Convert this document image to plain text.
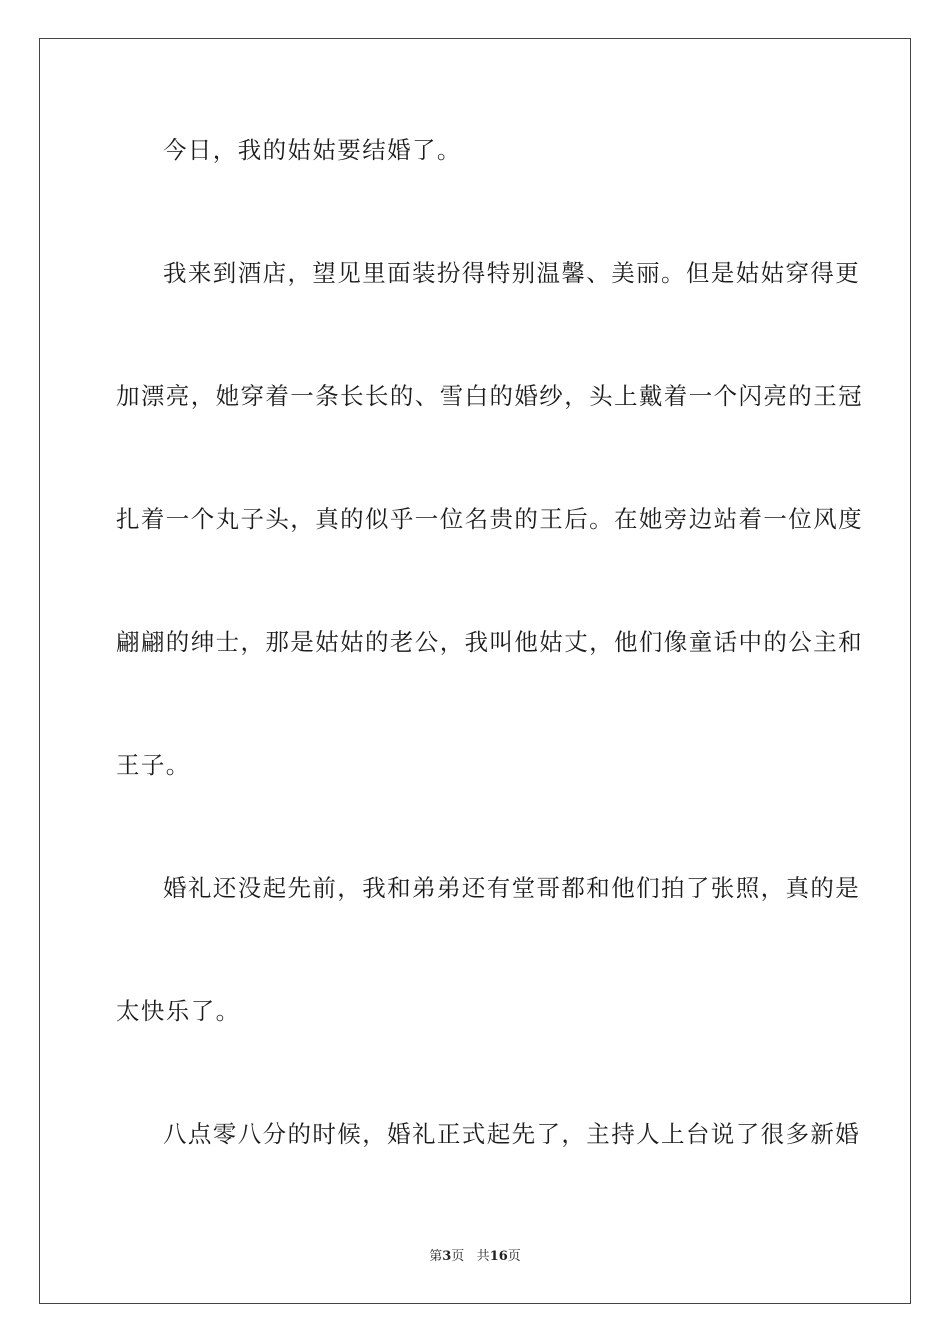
今日，我的姑姑要结婚了。
我来到酒店，望见里面装扮得特别温馨、美丽。但是姑姑穿得更
加漂亮，她穿着一条长长的、雪白的婚纱，头上戴着一个闪亮的王冠
扎着一个丸子头，真的似乎一位名贵的王后。在她旁边站着一位风度
翩翩的绅士，那是姑姑的老公，我叫他姑丈，他们像童话中的公主和
王子。
婚礼还没起先前，我和弟弟还有堂哥都和他们拍了张照，真的是
太快乐了。
八点零八分的时候，婚礼正式起先了，主持人上台说了很多新婚
第3页 共16页
